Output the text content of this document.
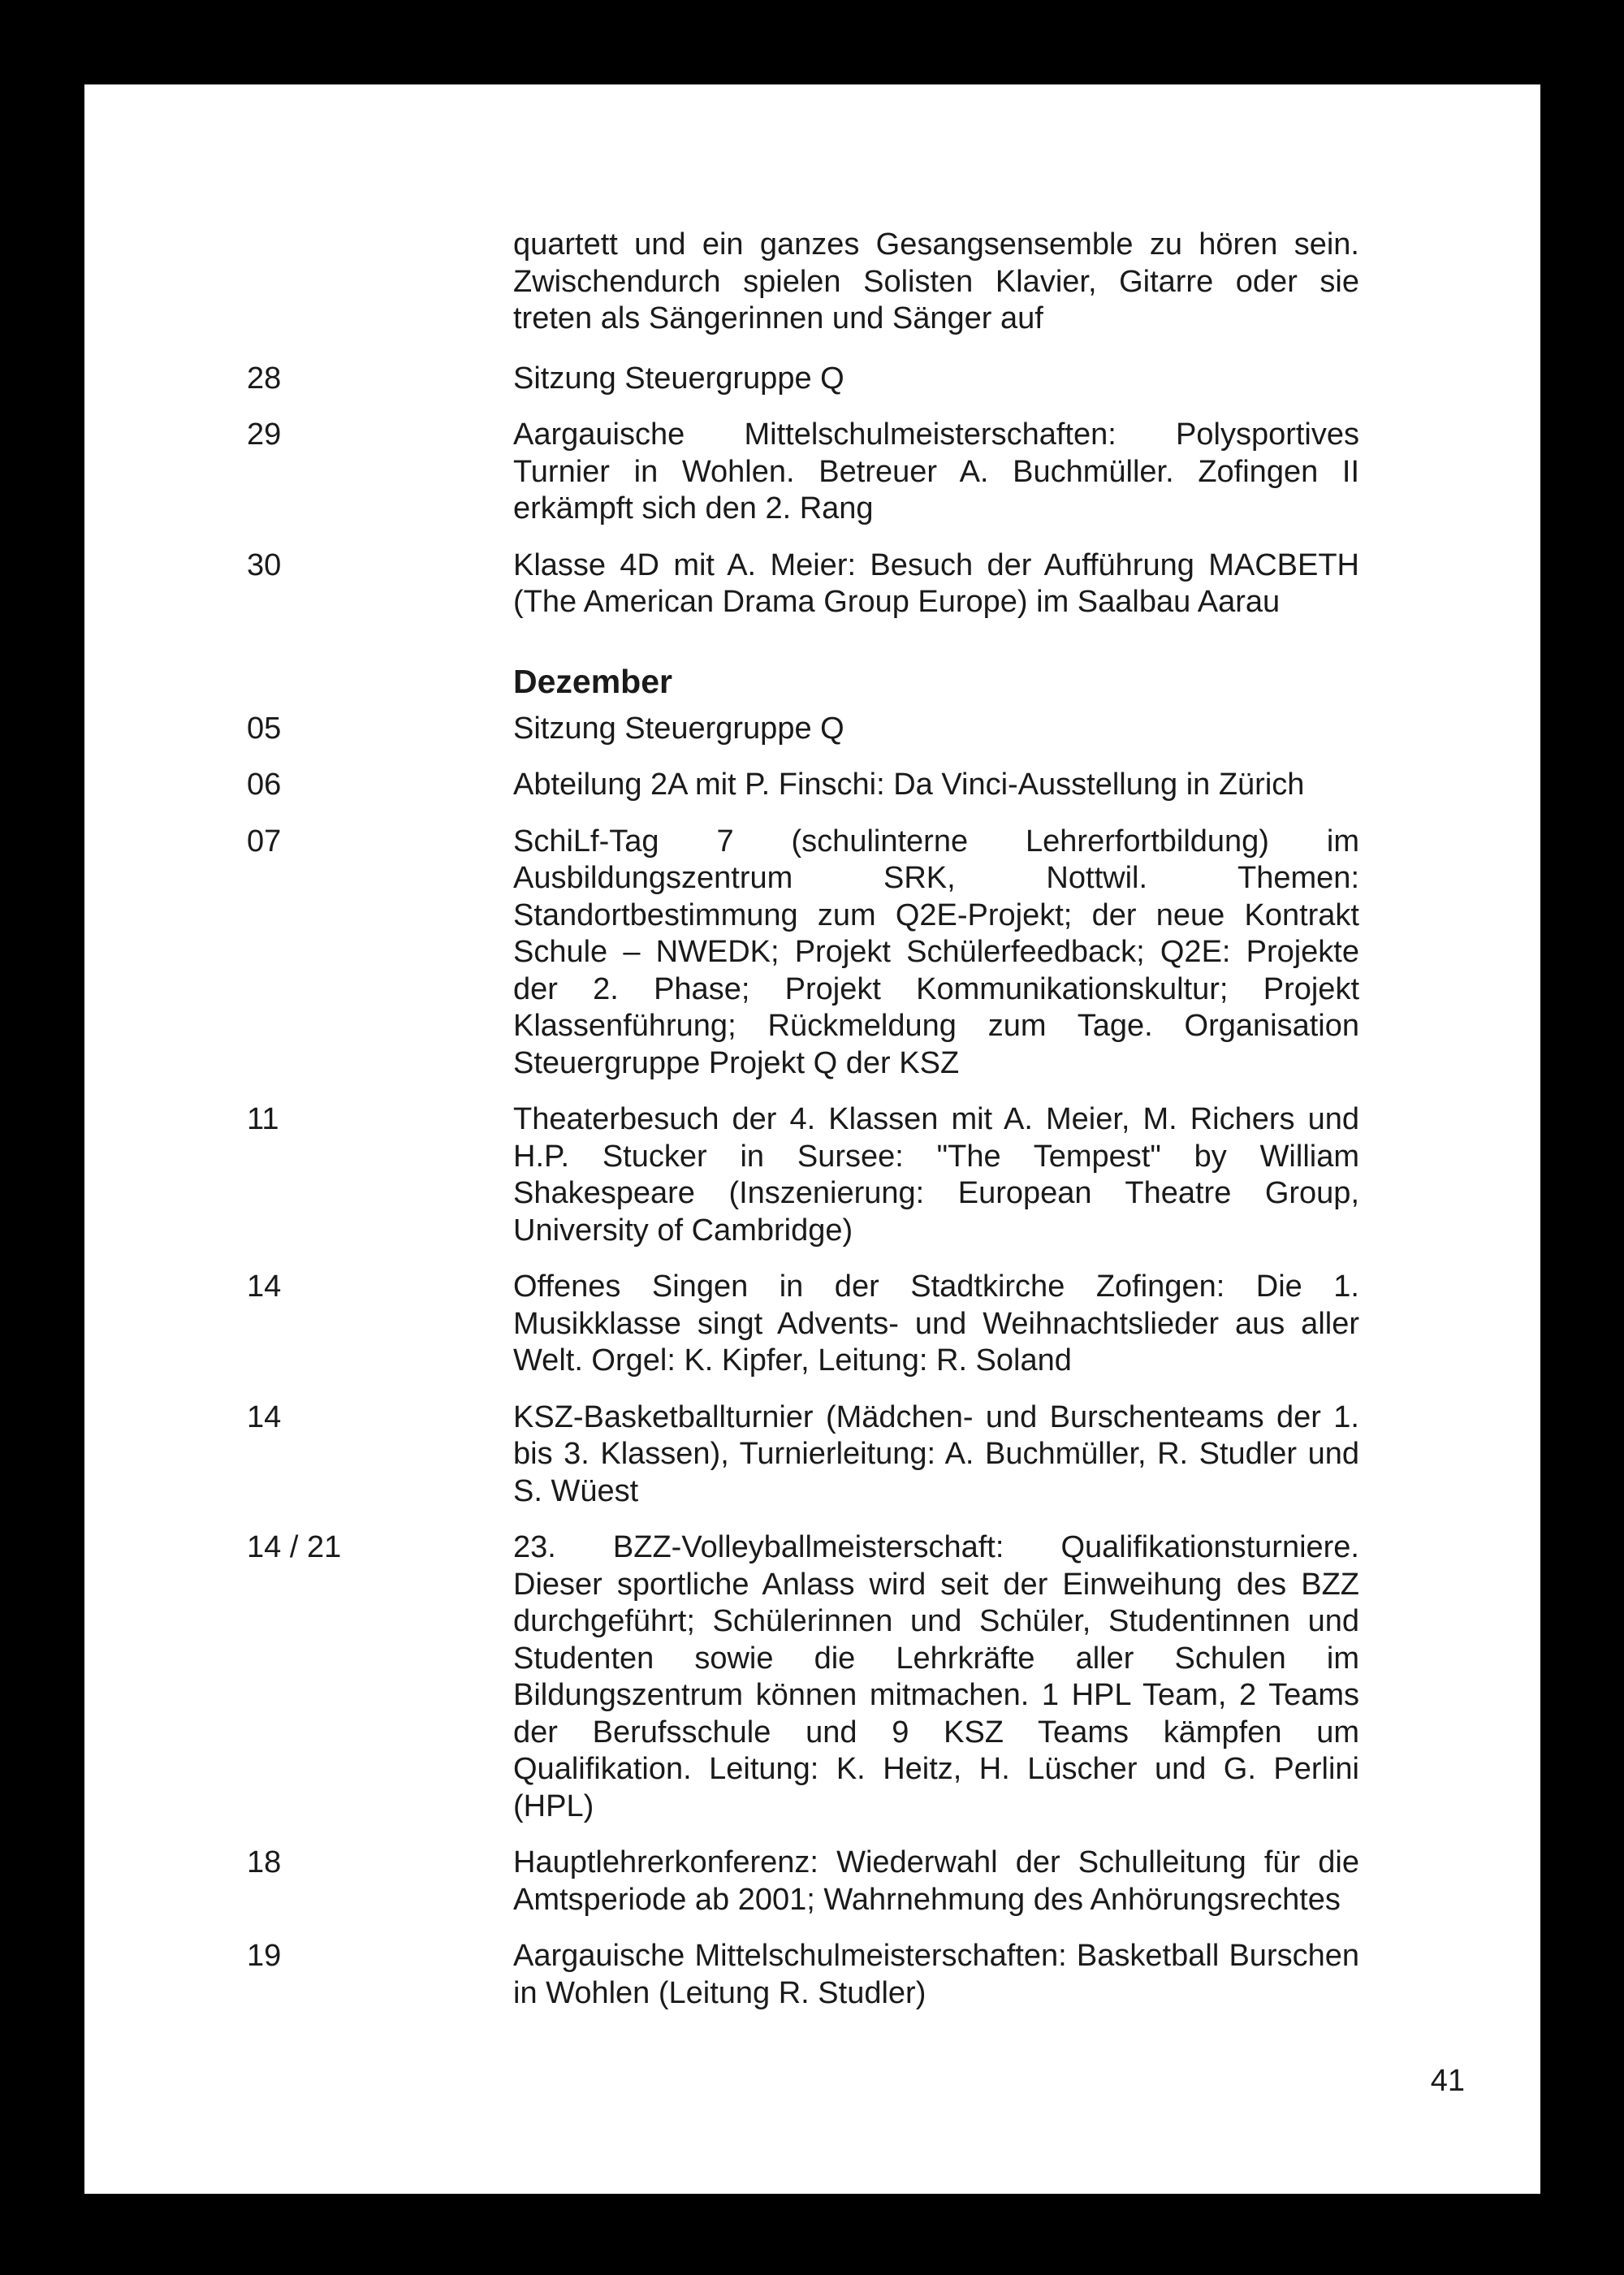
quartett und ein ganzes Gesangsensemble zu hören sein. Zwischendurch spielen Solisten Klavier, Gitarre oder sie treten als Sängerinnen und Sänger auf
28	Sitzung Steuergruppe Q
29	Aargauische Mittelschulmeisterschaften: Polysportives Turnier in Wohlen. Betreuer A. Buchmüller. Zofingen II erkämpft sich den 2. Rang
30	Klasse 4D mit A. Meier: Besuch der Aufführung MACBETH (The American Drama Group Europe) im Saalbau Aarau
Dezember
05	Sitzung Steuergruppe Q
06	Abteilung 2A mit P. Finschi: Da Vinci-Ausstellung in Zürich
07	SchiLf-Tag 7 (schulinterne Lehrerfortbildung) im Ausbildungszentrum SRK, Nottwil. Themen: Standortbestimmung zum Q2E-Projekt; der neue Kontrakt Schule – NWEDK; Projekt Schülerfeedback; Q2E: Projekte der 2. Phase; Projekt Kommunikationskultur; Projekt Klassenführung; Rückmeldung zum Tage. Organisation Steuergruppe Projekt Q der KSZ
11	Theaterbesuch der 4. Klassen mit A. Meier, M. Richers und H.P. Stucker in Sursee: "The Tempest" by William Shakespeare (Inszenierung: European Theatre Group, University of Cambridge)
14	Offenes Singen in der Stadtkirche Zofingen: Die 1. Musikklasse singt Advents- und Weihnachtslieder aus aller Welt. Orgel: K. Kipfer, Leitung: R. Soland
14	KSZ-Basketballturnier (Mädchen- und Burschenteams der 1. bis 3. Klassen), Turnierleitung: A. Buchmüller, R. Studler und S. Wüest
14 / 21	23. BZZ-Volleyballmeisterschaft: Qualifikationsturniere. Dieser sportliche Anlass wird seit der Einweihung des BZZ durchgeführt; Schülerinnen und Schüler, Studentinnen und Studenten sowie die Lehrkräfte aller Schulen im Bildungszentrum können mitmachen. 1 HPL Team, 2 Teams der Berufsschule und 9 KSZ Teams kämpfen um Qualifikation. Leitung: K. Heitz, H. Lüscher und G. Perlini (HPL)
18	Hauptlehrerkonferenz: Wiederwahl der Schulleitung für die Amtsperiode ab 2001; Wahrnehmung des Anhörungsrechtes
19	Aargauische Mittelschulmeisterschaften: Basketball Burschen in Wohlen (Leitung R. Studler)
41
